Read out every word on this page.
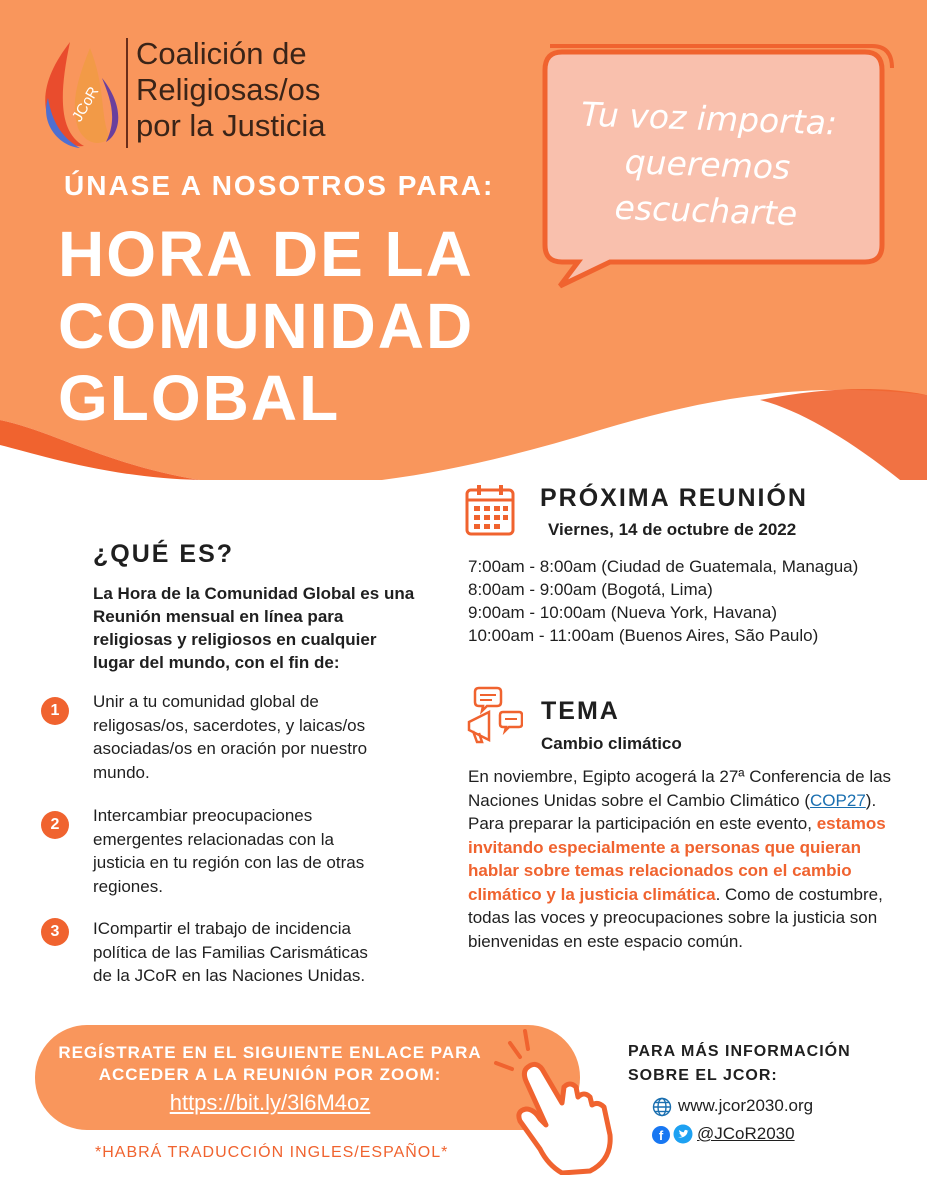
JCoR
Coalición de
Religiosas/os
por la Justicia
ÚNASE A NOSOTROS PARA:
HORA DE LA
COMUNIDAD
GLOBAL
Tu voz importa:
queremos
escucharte
PRÓXIMA REUNIÓN
Viernes, 14 de octubre de 2022
7:00am - 8:00am (Ciudad de Guatemala, Managua)
8:00am - 9:00am (Bogotá, Lima)
9:00am - 10:00am (Nueva York, Havana)
10:00am - 11:00am (Buenos Aires, São Paulo)
TEMA
Cambio climático
En noviembre, Egipto acogerá la 27ª Conferencia de las Naciones Unidas sobre el Cambio Climático (COP27). Para preparar la participación en este evento, estamos invitando especialmente a personas que quieran hablar sobre temas relacionados con el cambio climático y la justicia climática. Como de costumbre, todas las voces y preocupaciones sobre la justicia son bienvenidas en este espacio común.
¿QUÉ ES?
La Hora de la Comunidad Global es una
Reunión mensual en línea para
religiosas y religiosos en cualquier
lugar del mundo, con el fin de:
1	Unir a tu comunidad global de
religosas/os, sacerdotes, y laicas/os
asociadas/os en oración por nuestro
mundo.
2	Intercambiar preocupaciones
emergentes relacionadas con la
justicia en tu región con las de otras
regiones.
3	ICompartir el trabajo de incidencia
política de las Familias Carismáticas
de la JCoR en las Naciones Unidas.
REGÍSTRATE EN EL SIGUIENTE ENLACE PARA
ACCEDER A LA REUNIÓN POR ZOOM:
https://bit.ly/3l6M4oz
*HABRÁ TRADUCCIÓN INGLES/ESPAÑOL*
PARA MÁS INFORMACIÓN
SOBRE EL JCOR:
www.jcor2030.org
f	@JCoR2030
